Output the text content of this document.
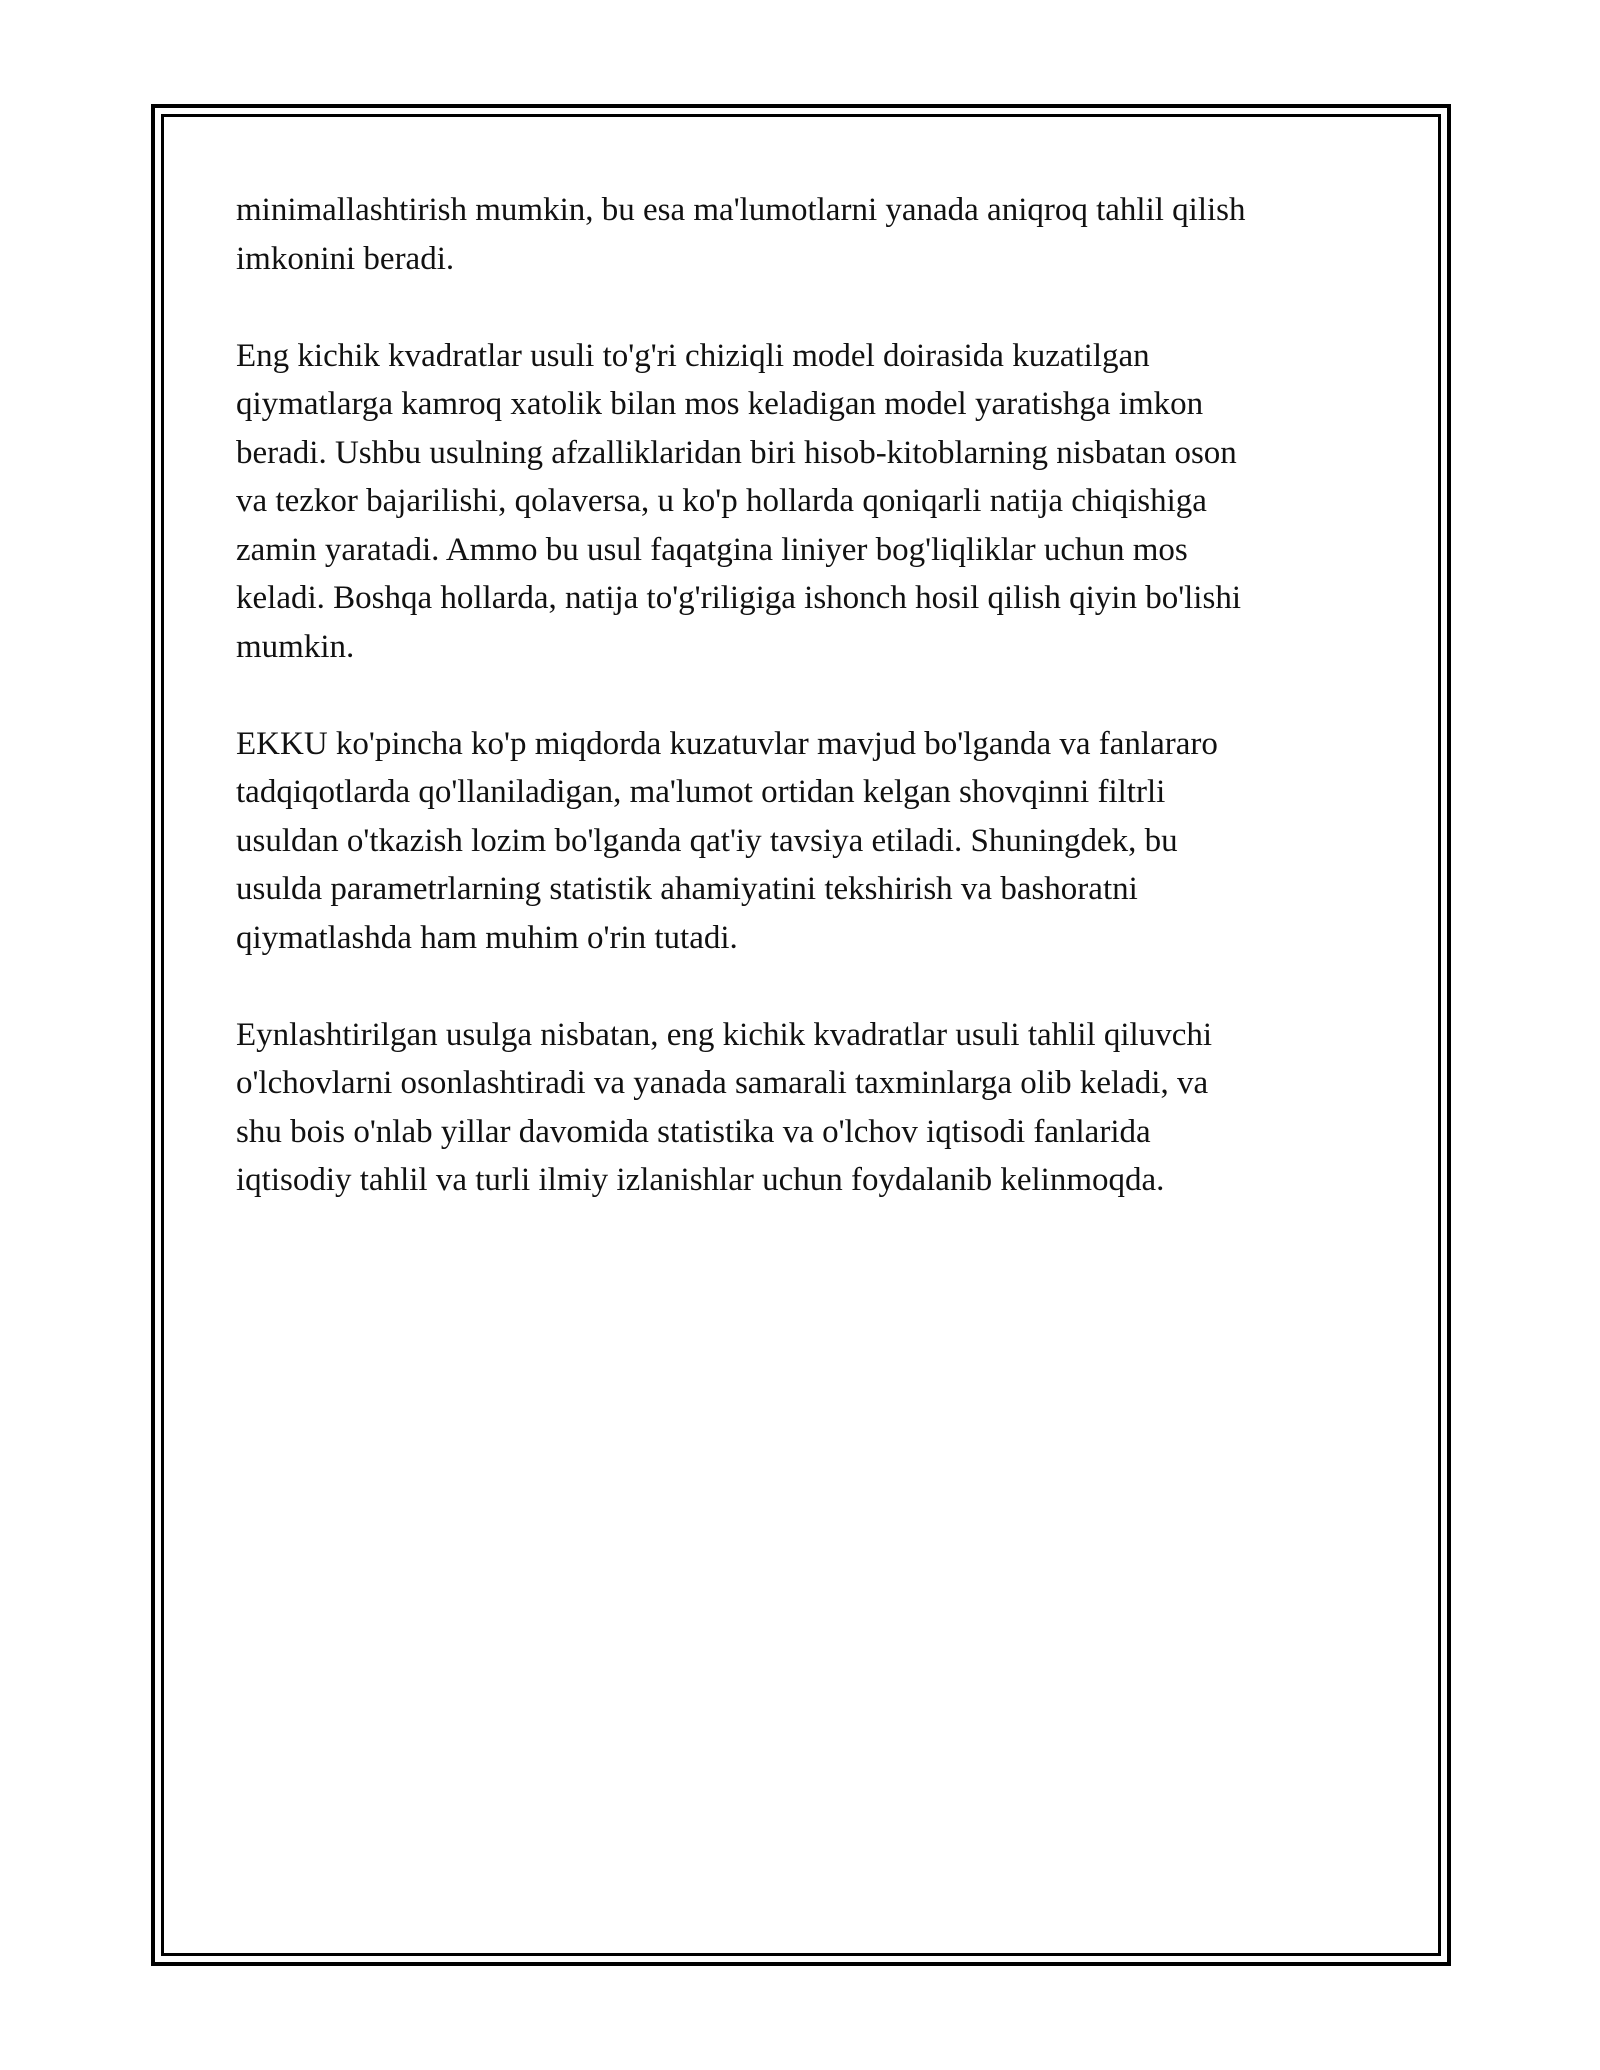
minimallashtirish mumkin, bu esa ma'lumotlarni yanada aniqroq tahlil qilish
imkonini beradi.

Eng kichik kvadratlar usuli to'g'ri chiziqli model doirasida kuzatilgan
qiymatlarga kamroq xatolik bilan mos keladigan model yaratishga imkon
beradi. Ushbu usulning afzalliklaridan biri hisob-kitoblarning nisbatan oson
va tezkor bajarilishi, qolaversa, u ko'p hollarda qoniqarli natija chiqishiga
zamin yaratadi. Ammo bu usul faqatgina liniyer bog'liqliklar uchun mos
keladi. Boshqa hollarda, natija to'g'riligiga ishonch hosil qilish qiyin bo'lishi
mumkin.

EKKU ko'pincha ko'p miqdorda kuzatuvlar mavjud bo'lganda va fanlararo
tadqiqotlarda qo'llaniladigan, ma'lumot ortidan kelgan shovqinni filtrli
usuldan o'tkazish lozim bo'lganda qat'iy tavsiya etiladi. Shuningdek, bu
usulda parametrlarning statistik ahamiyatini tekshirish va bashoratni
qiymatlashda ham muhim o'rin tutadi.

Eynlashtirilgan usulga nisbatan, eng kichik kvadratlar usuli tahlil qiluvchi
o'lchovlarni osonlashtiradi va yanada samarali taxminlarga olib keladi, va
shu bois o'nlab yillar davomida statistika va o'lchov iqtisodi fanlarida
iqtisodiy tahlil va turli ilmiy izlanishlar uchun foydalanib kelinmoqda.
